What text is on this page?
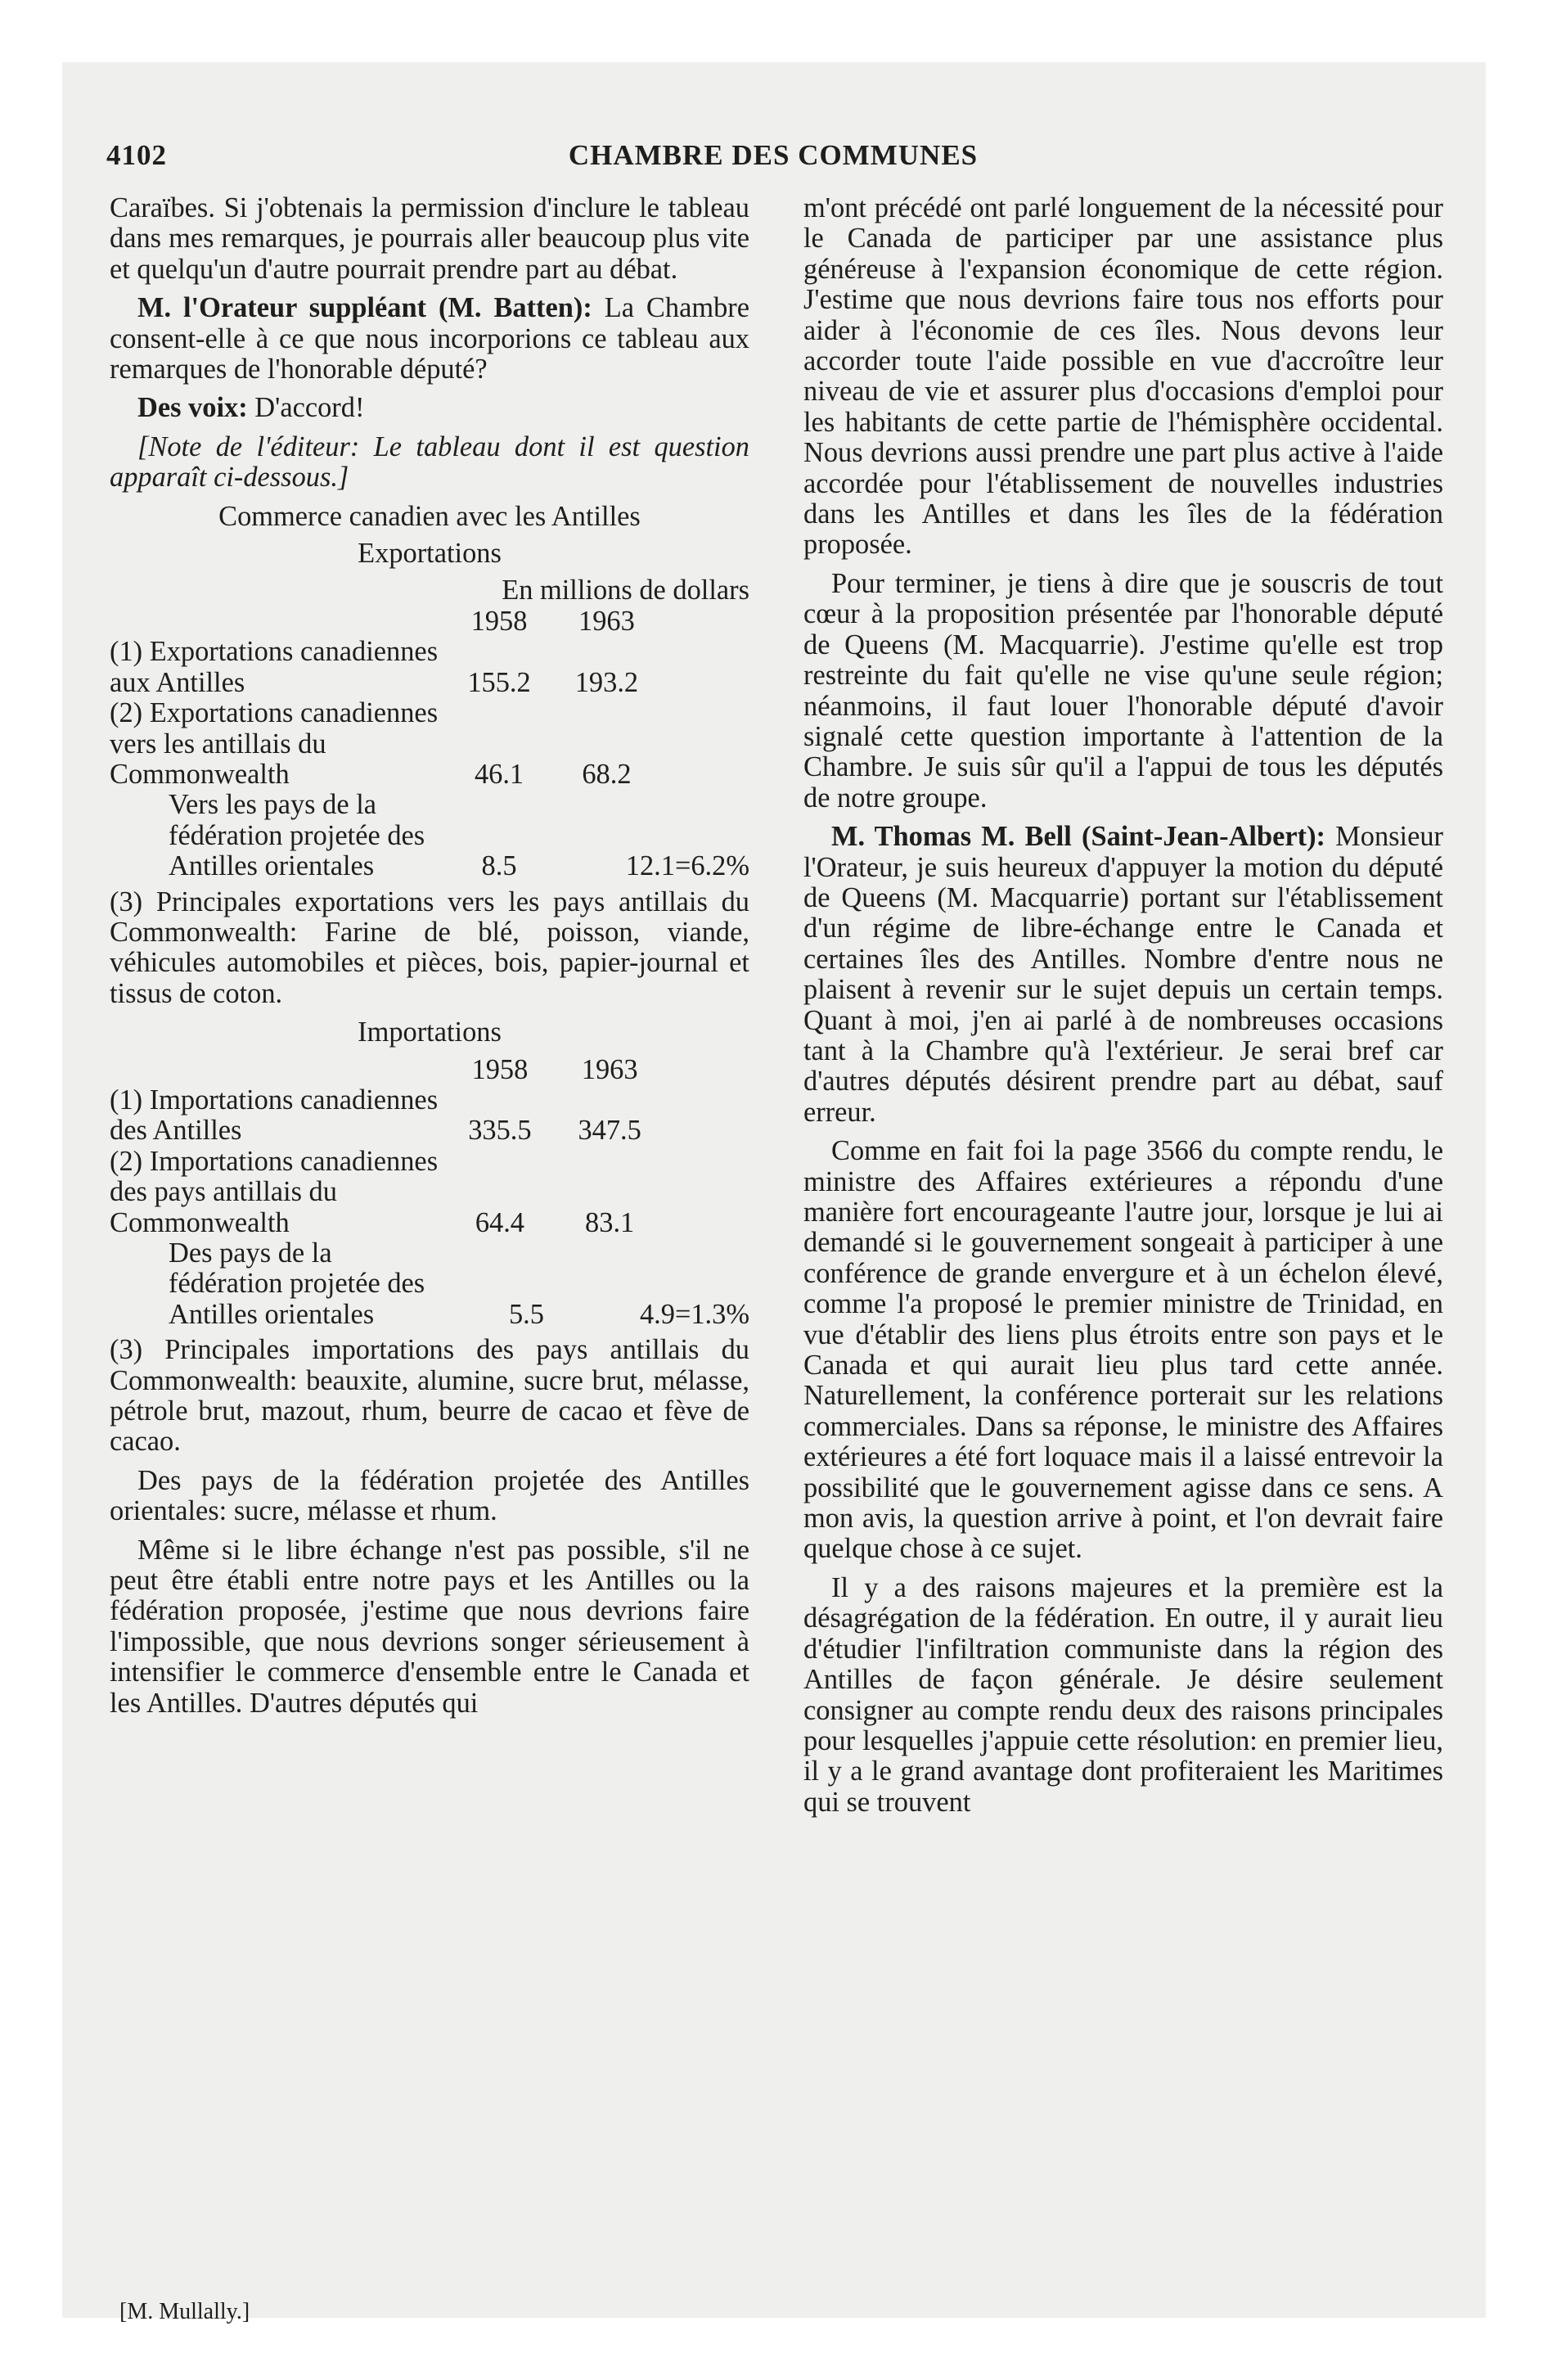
4102	CHAMBRE DES COMMUNES

Caraïbes. Si j'obtenais la permission d'inclure le tableau dans mes remarques, je pourrais aller beaucoup plus vite et quelqu'un d'autre pourrait prendre part au débat.

M. l'Orateur suppléant (M. Batten): La Chambre consent-elle à ce que nous incorporions ce tableau aux remarques de l'honorable député?

Des voix: D'accord!

[Note de l'éditeur: Le tableau dont il est question apparaît ci-dessous.]

Commerce canadien avec les Antilles
Exportations
	En millions de dollars		
	1958	1963	
(1) Exportations canadiennes aux Antilles	155.2	193.2	
(2) Exportations canadiennes vers les antillais du Commonwealth	46.1	68.2	
Vers les pays de la fédération projetée des Antilles orientales	8.5	12.1=6.2%	

(3) Principales exportations vers les pays antillais du Commonwealth: Farine de blé, poisson, viande, véhicules automobiles et pièces, bois, papier-journal et tissus de coton.

Importations
	1958	1963	
(1) Importations canadiennes des Antilles	335.5	347.5	
(2) Importations canadiennes des pays antillais du Commonwealth	64.4	83.1	
Des pays de la fédération projetée des Antilles orientales	5.5	4.9=1.3%	

(3) Principales importations des pays antillais du Commonwealth: beauxite, alumine, sucre brut, mélasse, pétrole brut, mazout, rhum, beurre de cacao et fève de cacao.

Des pays de la fédération projetée des Antilles orientales: sucre, mélasse et rhum.

Même si le libre échange n'est pas possible, s'il ne peut être établi entre notre pays et les Antilles ou la fédération proposée, j'estime que nous devrions faire l'impossible, que nous devrions songer sérieusement à intensifier le commerce d'ensemble entre le Canada et les Antilles. D'autres députés qui

m'ont précédé ont parlé longuement de la nécessité pour le Canada de participer par une assistance plus généreuse à l'expansion économique de cette région. J'estime que nous devrions faire tous nos efforts pour aider à l'économie de ces îles. Nous devons leur accorder toute l'aide possible en vue d'accroître leur niveau de vie et assurer plus d'occasions d'emploi pour les habitants de cette partie de l'hémisphère occidental. Nous devrions aussi prendre une part plus active à l'aide accordée pour l'établissement de nouvelles industries dans les Antilles et dans les îles de la fédération proposée.

Pour terminer, je tiens à dire que je souscris de tout cœur à la proposition présentée par l'honorable député de Queens (M. Macquarrie). J'estime qu'elle est trop restreinte du fait qu'elle ne vise qu'une seule région; néanmoins, il faut louer l'honorable député d'avoir signalé cette question importante à l'attention de la Chambre. Je suis sûr qu'il a l'appui de tous les députés de notre groupe.

M. Thomas M. Bell (Saint-Jean-Albert): Monsieur l'Orateur, je suis heureux d'appuyer la motion du député de Queens (M. Macquarrie) portant sur l'établissement d'un régime de libre-échange entre le Canada et certaines îles des Antilles. Nombre d'entre nous ne plaisent à revenir sur le sujet depuis un certain temps. Quant à moi, j'en ai parlé à de nombreuses occasions tant à la Chambre qu'à l'extérieur. Je serai bref car d'autres députés désirent prendre part au débat, sauf erreur.

Comme en fait foi la page 3566 du compte rendu, le ministre des Affaires extérieures a répondu d'une manière fort encourageante l'autre jour, lorsque je lui ai demandé si le gouvernement songeait à participer à une conférence de grande envergure et à un échelon élevé, comme l'a proposé le premier ministre de Trinidad, en vue d'établir des liens plus étroits entre son pays et le Canada et qui aurait lieu plus tard cette année. Naturellement, la conférence porterait sur les relations commerciales. Dans sa réponse, le ministre des Affaires extérieures a été fort loquace mais il a laissé entrevoir la possibilité que le gouvernement agisse dans ce sens. A mon avis, la question arrive à point, et l'on devrait faire quelque chose à ce sujet.

Il y a des raisons majeures et la première est la désagrégation de la fédération. En outre, il y aurait lieu d'étudier l'infiltration communiste dans la région des Antilles de façon générale. Je désire seulement consigner au compte rendu deux des raisons principales pour lesquelles j'appuie cette résolution: en premier lieu, il y a le grand avantage dont profiteraient les Maritimes qui se trouvent

[M. Mullally.]
